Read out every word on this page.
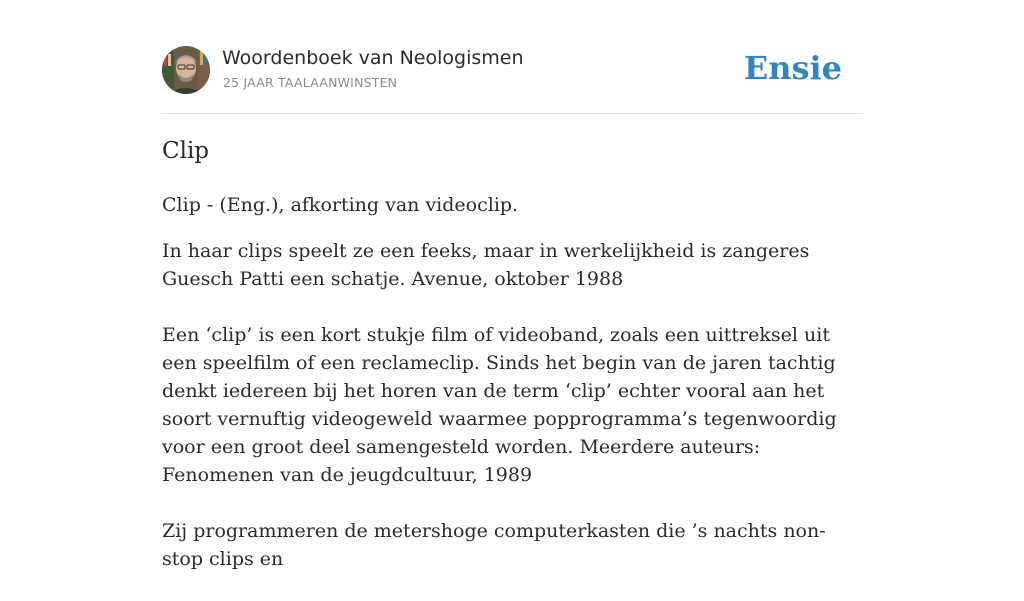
Woordenboek van Neologismen
25 JAAR TAALAANWINSTEN	Ensie
Clip

Clip - (Eng.), afkorting van videoclip.

In haar clips speelt ze een feeks, maar in werkelijkheid is zangeres Guesch Patti een schatje. Avenue, oktober 1988

Een ‘clip’ is een kort stukje film of videoband, zoals een uittreksel uit een speelfilm of een reclameclip. Sinds het begin van de jaren tachtig denkt iedereen bij het horen van de term ‘clip’ echter vooral aan het soort vernuftig videogeweld waarmee popprogramma’s tegenwoordig voor een groot deel samengesteld worden. Meerdere auteurs: Fenomenen van de jeugdcultuur, 1989

Zij programmeren de metershoge computerkasten die ’s nachts non-stop clips en
